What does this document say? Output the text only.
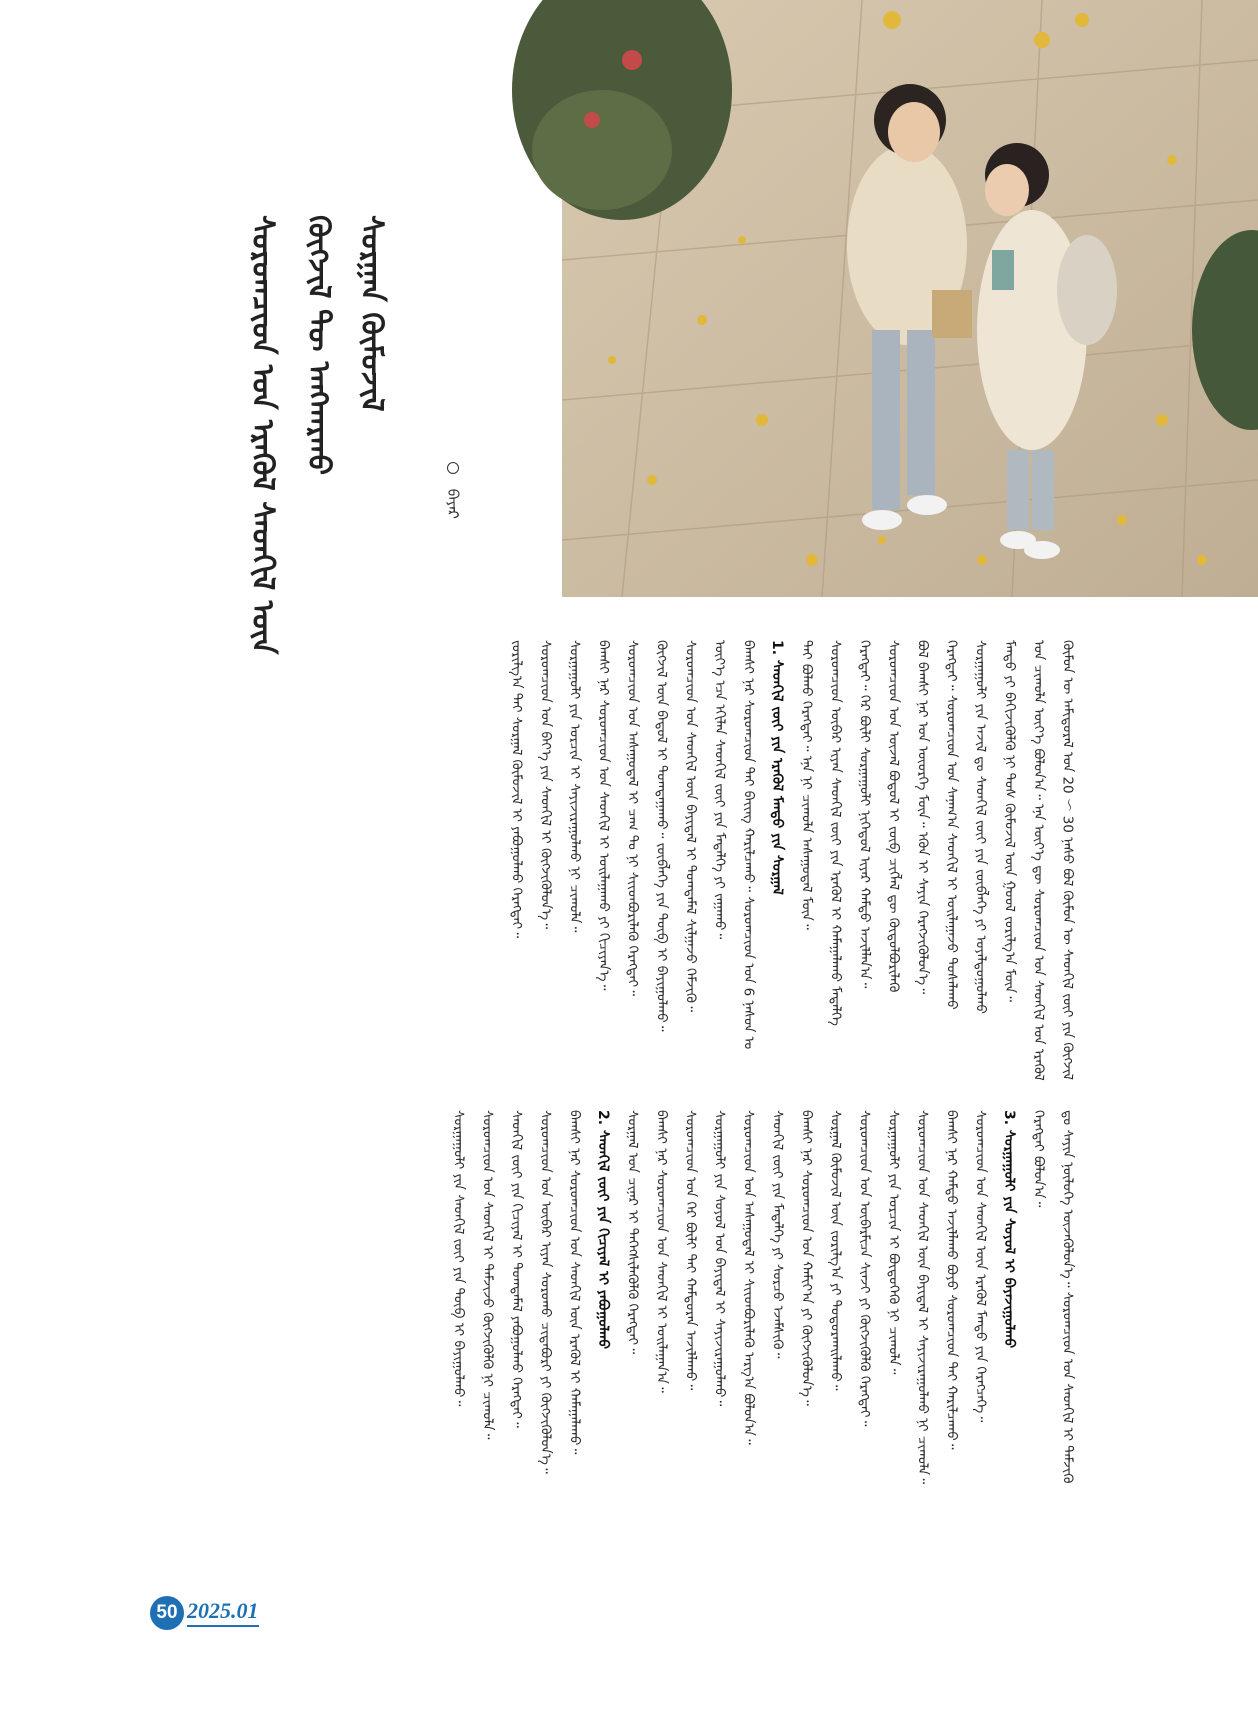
ᠰᠤᠷᠤᠭᠴᠢᠳ ᠤᠨ ᠡᠷᠡᠭᠦᠯ ᠰᠡᠳᠬᠢᠯ ᠦᠨ ᠬᠥᠭᠵᠢᠯ ᠲᠦ ᠠᠩᠬᠠᠷᠬᠤ ᠰᠤᠷᠭᠠᠨ ᠬᠦᠮᠦᠵᠢᠯ
ᠪᠠᠶᠠᠷ
50 2025.01
ᠬᠦᠮᠦᠨ ᠦ ᠠᠮᠢᠳᠤᠷᠠᠯ ᠤᠨ 20 ～ 30 ᠨᠠᠰᠤ ᠪᠤᠯ ᠬᠦᠮᠦᠨ ᠦ ᠰᠡᠳᠬᠢᠯ ᠵᠦᠢ ᠶᠢᠨ ᠬᠥᠭᠵᠢᠯ
ᠤᠨ ᠴᠢᠬᠤᠯᠠ ᠦᠶ᠎ᠡ ᠪᠣᠯᠤᠨ᠎ᠠ᠃ ᠡᠨᠡ ᠦᠶ᠎ᠡ ᠳᠦ ᠰᠤᠷᠤᠭᠴᠢᠳ ᠤᠨ ᠰᠡᠳᠬᠢᠯ ᠤᠨ ᠡᠷᠡᠭᠦᠯ
ᠮᠡᠨᠳᠦ ᠶᠢ ᠪᠡᠬᠢᠵᠢᠭᠦᠯᠬᠦ ᠨᠢ ᠲᠤᠰ ᠬᠦᠮᠦᠵᠢᠯ ᠦᠨ ᠭᠣᠣᠯ ᠵᠣᠷᠢᠯᠭ᠎ᠠ ᠮᠥᠨ᠃
ᠰᠤᠷᠭᠠᠭᠤᠯᠢ ᠶᠢᠨ ᠠᠵᠢᠯ ᠳᠤ ᠰᠡᠳᠬᠢᠯ ᠵᠦᠢ ᠶᠢᠨ ᠵᠥᠪᠯᠡᠭᠡ ᠶᠢ ᠤᠶᠠᠯᠳᠤᠭᠤᠯᠬᠤ
ᠬᠡᠷᠡᠭᠲᠡᠢ᠃ ᠰᠤᠷᠤᠭᠴᠢᠳ ᠤᠨ ᠰᠠᠨᠠᠭ᠎ᠠ ᠰᠡᠳᠬᠢᠯ ᠢ ᠣᠢᠯᠠᠭᠠᠵᠤ ᠲᠤᠰᠠᠯᠠᠬᠤ
ᠪᠣᠯ ᠪᠠᠭᠰᠢ ᠨᠠᠷ ᠤᠨ ᠦᠦᠷᠭᠡ ᠮᠥᠨ᠃ ᠡᠭᠦᠨ ᠢ ᠰᠠᠶᠢᠨ ᠬᠡᠷᠡᠭᠵᠢᠭᠦᠯᠦᠨ᠎ᠡ᠃
ᠰᠤᠷᠤᠭᠴᠢᠳ ᠤᠨ ᠦᠵᠡᠯ ᠪᠣᠳᠤᠯ ᠢ ᠵᠥᠪ ᠴᠢᠭᠯᠡᠯ ᠳᠦ ᠬᠥᠲᠥᠯᠪᠦᠷᠢᠯᠡᠬᠦ
ᠬᠡᠷᠡᠭᠲᠡᠢ᠃ ᠭᠡᠷ ᠪᠦᠯᠢ ᠰᠤᠷᠭᠠᠭᠤᠯᠢ ᠨᠢᠭᠡᠳᠦᠯ ᠢᠶᠡᠷ ᠬᠠᠮᠲᠤ ᠠᠵᠢᠯᠯᠠᠨ᠎ᠠ᠃
ᠰᠤᠷᠤᠭᠴᠢᠳ ᠦᠪᠡᠷ ᠢᠶᠡᠨ ᠰᠡᠳᠬᠢᠯ ᠵᠦᠢ ᠶᠢᠨ ᠡᠷᠡᠭᠦᠯ ᠢ ᠬᠠᠮᠠᠭᠠᠯᠠᠬᠤ ᠮᠡᠳᠡᠯᠭᠡ
ᠲᠠᠢ ᠪᠣᠯᠬᠤ ᠬᠡᠷᠡᠭᠲᠡᠢ᠃ ᠡᠨᠡ ᠨᠢ ᠴᠢᠬᠤᠯᠠ ᠠᠰᠠᠭᠤᠳᠠᠯ ᠮᠥᠨ᠃
1. ᠰᠡᠳᠬᠢᠯ ᠵᠦᠢ ᠶᠢᠨ ᠡᠷᠡᠭᠦᠯ ᠮᠡᠨᠳᠦ ᠶᠢᠨ ᠰᠤᠷᠭᠠᠯ
ᠪᠠᠭᠰᠢ ᠨᠠᠷ ᠰᠤᠷᠤᠭᠴᠢᠳ ᠲᠠᠢ ᠪᠠᠶ᠋ᠢᠩ ᠬᠠᠷᠢᠯᠴᠠᠬᠤ᠃ ᠰᠤᠷᠤᠭᠴᠢᠳ ᠤᠨ 6 ᠨᠠᠰᠤᠨ ᠤ
ᠦᠶ᠎ᠡ ᠡᠴᠡ ᠡᠬᠢᠯᠡᠨ ᠰᠡᠳᠬᠢᠯ ᠵᠦᠢ ᠶᠢᠨ ᠮᠡᠳᠡᠯᠭᠡ ᠶᠢ ᠵᠠᠭᠠᠬᠤ᠃
ᠰᠤᠷᠤᠭᠴᠢᠳ ᠤᠨ ᠰᠡᠳᠬᠢᠯ ᠦᠨ ᠪᠠᠶᠢᠳᠠᠯ ᠢ ᠲᠣᠭᠲᠠᠮᠠᠯ ᠰᠢᠯᠭᠠᠵᠤ ᠬᠡᠮᠵᠢᠬᠦ᠃
ᠬᠥᠭᠵᠢᠯ ᠦᠨ ᠪᠠᠳᠤᠯ ᠢ ᠲᠣᠭᠲᠠᠭᠠᠬᠤ᠃ ᠵᠥᠪᠯᠡᠭᠡ ᠶᠢᠨ ᠲᠥᠪ ᠢ ᠪᠠᠶᠢᠭᠤᠯᠬᠤ᠃
ᠰᠤᠷᠤᠭᠴᠢᠳ ᠤᠨ ᠠᠰᠠᠭᠤᠳᠠᠯ ᠢ ᠴᠠᠭ ᠲᠤ ᠨᠢ ᠰᠢᠢᠳᠪᠦᠷᠢᠯᠡᠬᠦ ᠬᠡᠷᠡᠭᠲᠡᠢ᠃
ᠪᠠᠭᠰᠢ ᠨᠠᠷ ᠰᠤᠷᠤᠭᠴᠢᠳ ᠤᠨ ᠰᠡᠳᠬᠢᠯ ᠢ ᠣᠢᠯᠠᠭᠠᠬᠤ ᠶᠢ ᠬᠢᠴᠢᠶᠡᠨ᠎ᠡ᠃
ᠰᠤᠷᠭᠠᠭᠤᠯᠢ ᠶᠢᠨ ᠤᠷᠴᠢᠨ ᠢ ᠰᠠᠶᠢᠵᠢᠷᠠᠭᠤᠯᠬᠤ ᠨᠢ ᠴᠢᠬᠤᠯᠠ᠃
ᠰᠤᠷᠤᠭᠴᠢᠳ ᠤᠨ ᠪᠡᠶ᠎ᠡ ᠶᠢᠨ ᠰᠡᠳᠬᠢᠯ ᠢ ᠬᠥᠭᠵᠢᠭᠦᠯᠦᠨ᠎ᠡ᠃
ᠵᠣᠷᠢᠯᠭ᠎ᠠ ᠲᠠᠢ ᠰᠤᠷᠭᠠᠯ ᠬᠦᠮᠦᠵᠢᠯ ᠢ ᠶᠠᠪᠤᠭᠤᠯᠬᠤ ᠬᠡᠷᠡᠭᠲᠡᠢ᠃
ᠳᠤ ᠰᠠᠶᠢᠨ ᠨᠥᠯᠦᠭᠡ ᠦᠵᠡᠭᠦᠯᠦᠨ᠎ᠡ᠃ ᠰᠤᠷᠤᠭᠴᠢᠳ ᠤᠨ ᠰᠡᠳᠬᠢᠯ ᠢ ᠳᠡᠮᠵᠢᠬᠦ
ᠬᠡᠷᠡᠭᠲᠡᠢ ᠪᠣᠯᠤᠨ᠎ᠠ᠃
3. ᠰᠤᠷᠭᠠᠭᠤᠯᠢ ᠶᠢᠨ ᠰᠤᠶᠤᠯ ᠢ ᠪᠠᠶᠠᠵᠢᠭᠤᠯᠬᠤ
ᠰᠤᠷᠤᠭᠴᠢᠳ ᠤᠨ ᠰᠡᠳᠬᠢᠯ ᠦᠨ ᠡᠷᠡᠭᠦᠯ ᠮᠡᠨᠳᠦ ᠶᠢᠨ ᠬᠡᠷᠡᠭᠴᠡᠭᠡ᠃
ᠪᠠᠭᠰᠢ ᠨᠠᠷ ᠬᠠᠮᠲᠤ ᠠᠵᠢᠯᠯᠠᠬᠤ ᠪᠤᠶᠤ ᠰᠤᠷᠤᠭᠴᠢᠳ ᠲᠠᠢ ᠬᠠᠷᠢᠯᠴᠠᠬᠤ᠃
ᠰᠤᠷᠤᠭᠴᠢᠳ ᠤᠨ ᠰᠡᠳᠬᠢᠯ ᠦᠨ ᠪᠠᠶᠢᠳᠠᠯ ᠢ ᠰᠠᠶᠢᠵᠢᠷᠠᠭᠤᠯᠬᠤ ᠨᠢ ᠴᠢᠬᠤᠯᠠ᠃
ᠰᠤᠷᠭᠠᠭᠤᠯᠢ ᠶᠢᠨ ᠤᠷᠴᠢᠨ ᠢ ᠪᠦᠲᠦᠭᠡᠬᠦ ᠨᠢ ᠴᠢᠬᠤᠯᠠ᠃
ᠰᠤᠷᠤᠭᠴᠢᠳ ᠤᠨ ᠦᠪᠡᠷᠮᠢᠴᠡ ᠰᠢᠨᠵᠢ ᠶᠢ ᠬᠥᠭᠵᠢᠭᠦᠯᠬᠦ ᠬᠡᠷᠡᠭᠲᠡᠢ᠃
ᠰᠤᠷᠭᠠᠯ ᠬᠦᠮᠦᠵᠢᠯ ᠦᠨ ᠵᠣᠷᠢᠯᠭ᠎ᠠ ᠶᠢ ᠲᠣᠳᠤᠷᠬᠠᠢᠯᠠᠬᠤ᠃
ᠪᠠᠭᠰᠢ ᠨᠠᠷ ᠰᠤᠷᠤᠭᠴᠢᠳ ᠤᠨ ᠬᠠᠮᠢᠶ᠎ᠠ ᠶᠢ ᠬᠥᠭᠵᠢᠭᠦᠯᠦᠨ᠎ᠡ᠃
ᠰᠡᠳᠬᠢᠯ ᠵᠦᠢ ᠶᠢᠨ ᠮᠡᠳᠡᠯᠭᠡ ᠶᠢ ᠰᠤᠷᠴᠤ ᠡᠵᠡᠮᠰᠢᠬᠦ᠃
ᠰᠤᠷᠤᠭᠴᠢᠳ ᠤᠨ ᠠᠰᠠᠭᠤᠳᠠᠯ ᠢ ᠰᠢᠢᠳᠪᠦᠷᠢᠯᠡᠬᠦ ᠠᠷᠭ᠎ᠠ ᠪᠣᠯᠤᠨ᠎ᠠ᠃
ᠰᠤᠷᠭᠠᠭᠤᠯᠢ ᠶᠢᠨ ᠰᠤᠶᠤᠯ ᠤᠨ ᠪᠠᠶᠢᠳᠠᠯ ᠢ ᠰᠠᠶᠢᠵᠢᠷᠠᠭᠤᠯᠬᠤ᠃
ᠰᠤᠷᠤᠭᠴᠢᠳ ᠤᠨ ᠭᠡᠷ ᠪᠦᠯᠢ ᠲᠠᠢ ᠬᠠᠮᠲᠤᠷᠠᠨ ᠠᠵᠢᠯᠯᠠᠬᠤ᠃
ᠪᠠᠭᠰᠢ ᠨᠠᠷ ᠰᠤᠷᠤᠭᠴᠢᠳ ᠤᠨ ᠰᠡᠳᠬᠢᠯ ᠢ ᠣᠢᠯᠠᠭᠠᠨ᠎ᠠ᠃
ᠰᠤᠷᠭᠠᠯ ᠤᠨ ᠴᠢᠨᠠᠷ ᠢ ᠳᠡᠭᠡᠭᠰᠢᠯᠡᠭᠦᠯᠬᠦ ᠬᠡᠷᠡᠭᠲᠡᠢ᠃
2. ᠰᠡᠳᠬᠢᠯ ᠵᠦᠢ ᠶᠢᠨ ᠬᠢᠴᠢᠶᠡᠯ ᠢ ᠶᠠᠪᠤᠭᠤᠯᠬᠤ
ᠪᠠᠭᠰᠢ ᠨᠠᠷ ᠰᠤᠷᠤᠭᠴᠢᠳ ᠤᠨ ᠰᠡᠳᠬᠢᠯ ᠦᠨ ᠡᠷᠡᠭᠦᠯ ᠢ ᠬᠠᠮᠠᠭᠠᠯᠠᠬᠤ᠃
ᠰᠤᠷᠤᠭᠴᠢᠳ ᠤᠨ ᠦᠪᠡᠷ ᠢᠶᠡᠨ ᠰᠤᠷᠤᠬᠤ ᠴᠢᠳᠠᠪᠤᠷᠢ ᠶᠢ ᠬᠥᠭᠵᠢᠭᠦᠯᠦᠨ᠎ᠡ᠃
ᠰᠡᠳᠬᠢᠯ ᠵᠦᠢ ᠶᠢᠨ ᠬᠢᠴᠢᠶᠡᠯ ᠢ ᠲᠣᠭᠲᠠᠮᠠᠯ ᠶᠠᠪᠤᠭᠤᠯᠬᠤ ᠬᠡᠷᠡᠭᠲᠡᠢ᠃
ᠰᠤᠷᠤᠭᠴᠢᠳ ᠤᠨ ᠰᠡᠳᠬᠢᠯ ᠢ ᠳᠡᠮᠵᠢᠵᠦ ᠬᠥᠭᠵᠢᠭᠦᠯᠬᠦ ᠨᠢ ᠴᠢᠬᠤᠯᠠ᠃
ᠰᠤᠷᠭᠠᠭᠤᠯᠢ ᠶᠢᠨ ᠰᠡᠳᠬᠢᠯ ᠵᠦᠢ ᠶᠢᠨ ᠲᠥᠪ ᠢ ᠪᠠᠶᠢᠭᠤᠯᠬᠤ᠃
